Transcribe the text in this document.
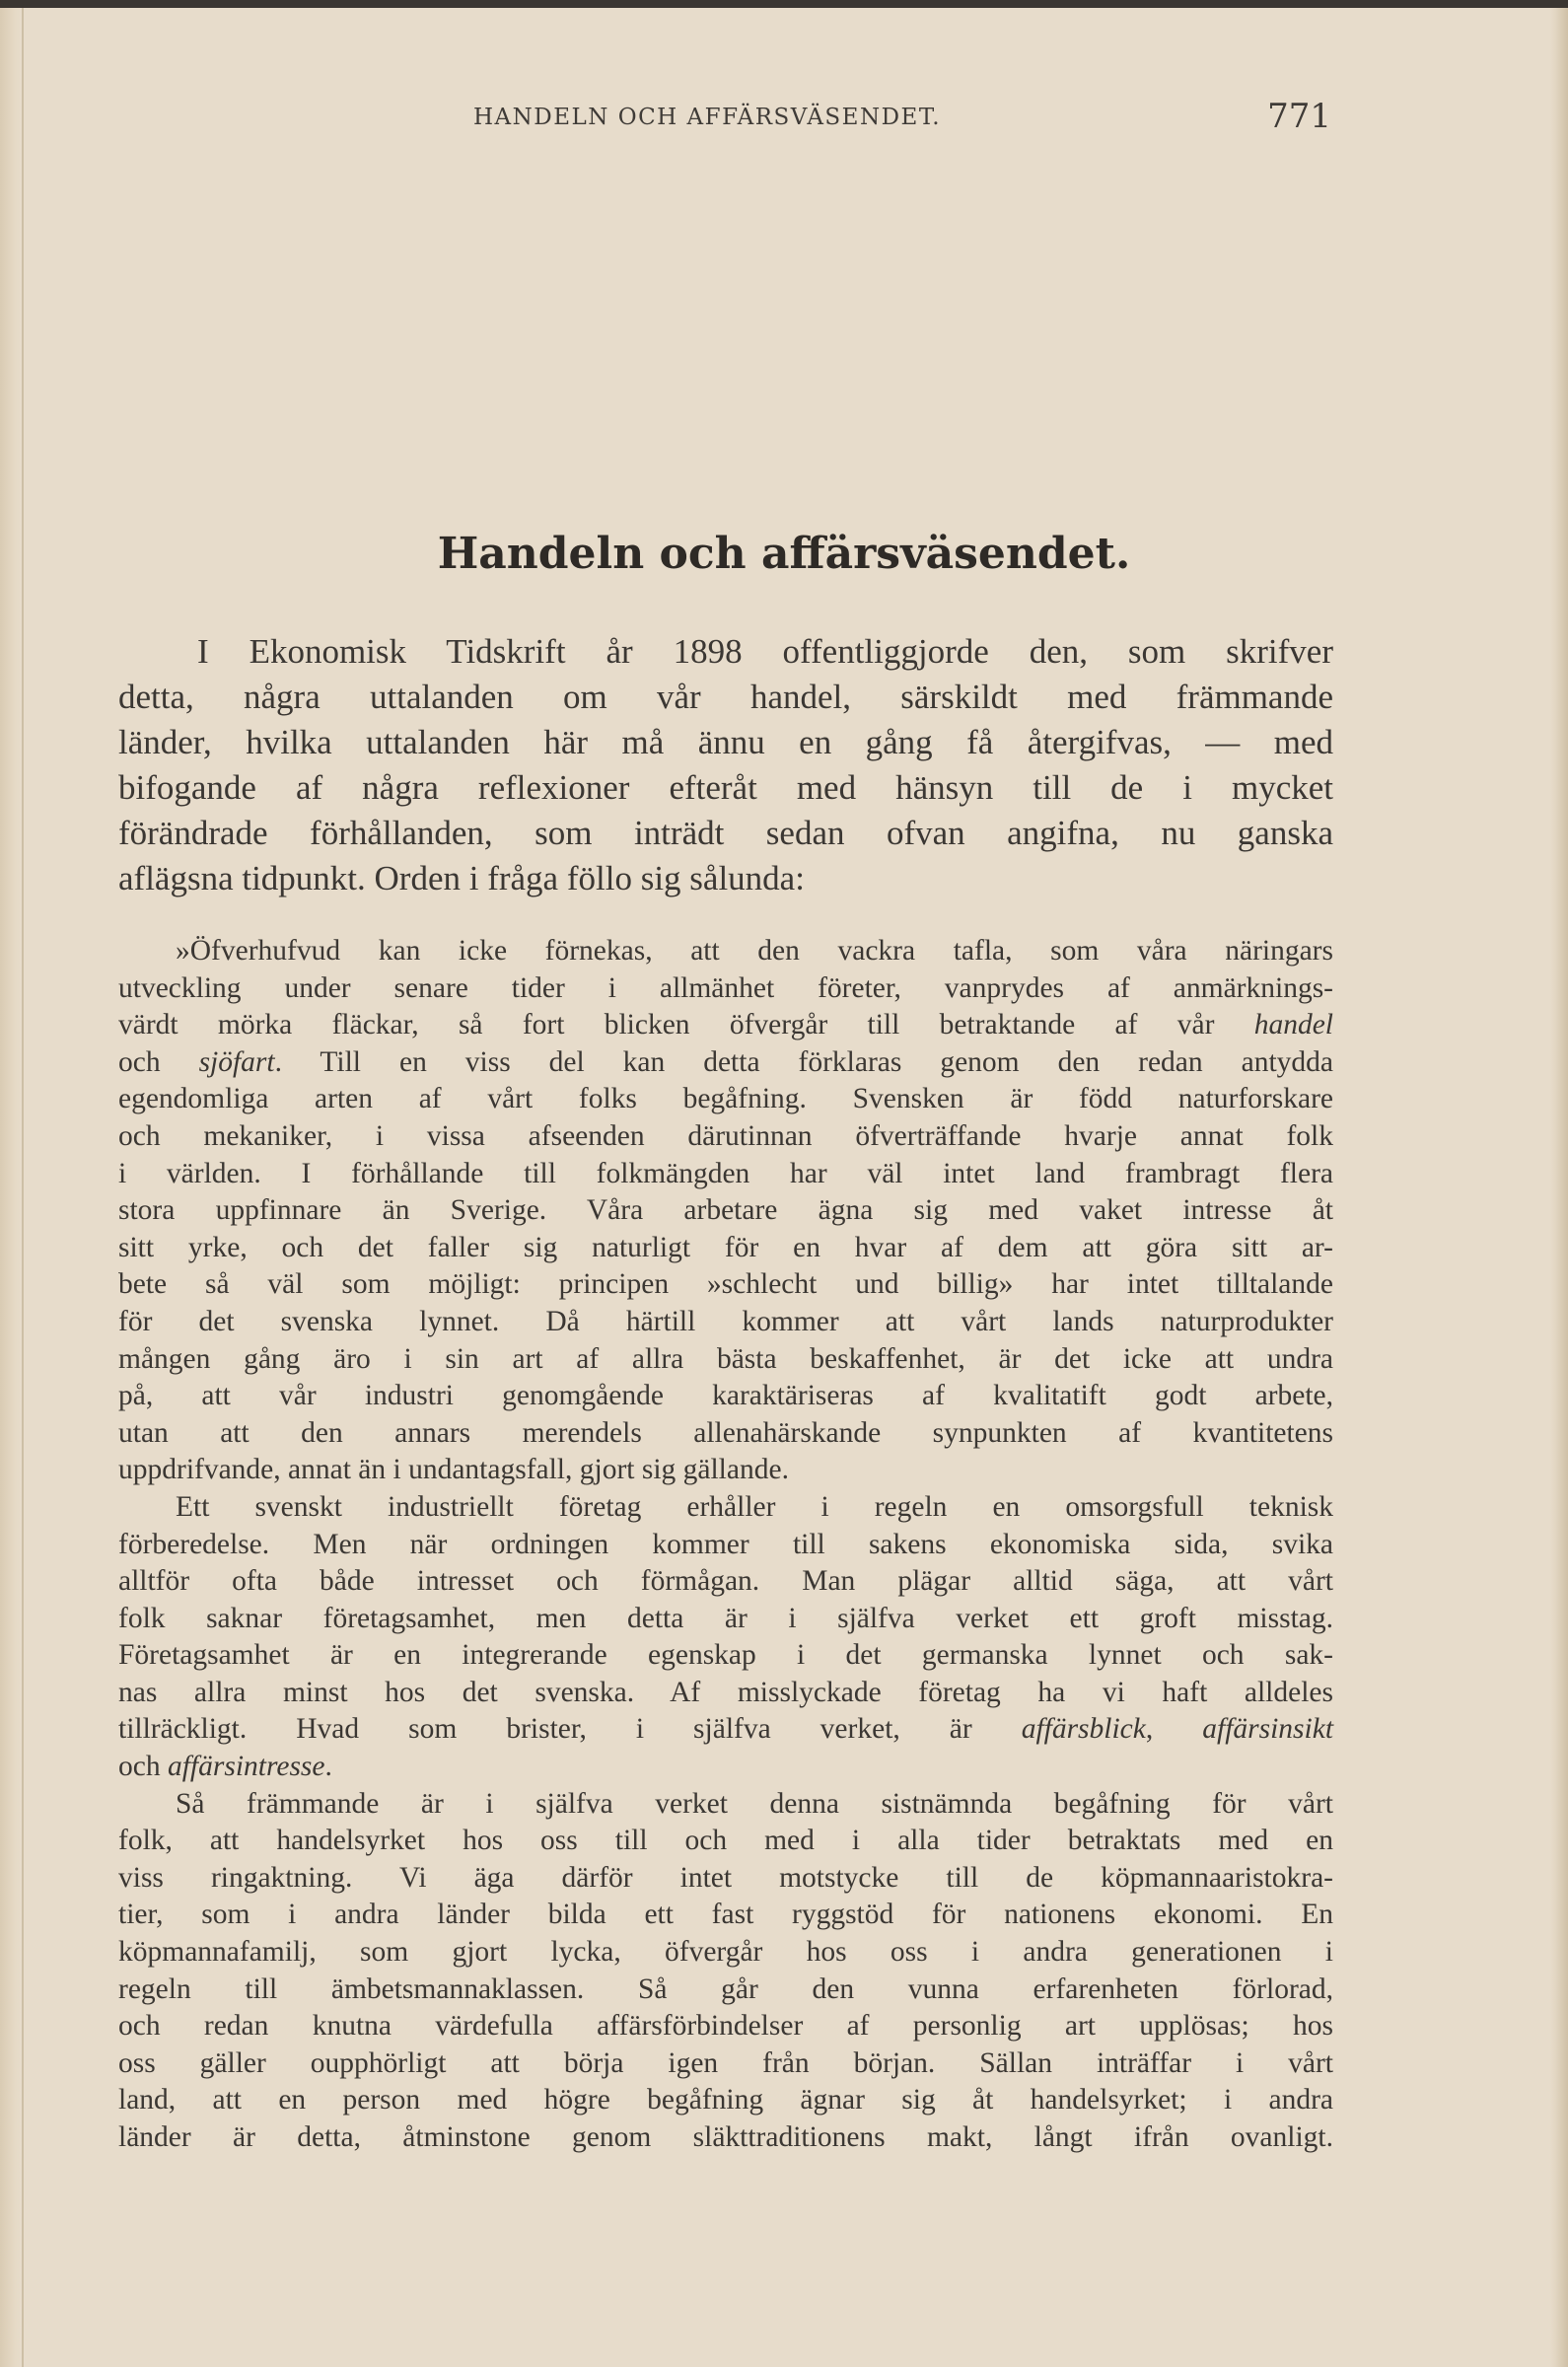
HANDELN OCH AFFÄRSVÄSENDET.	771
Handeln och affärsväsendet.
I Ekonomisk Tidskrift år 1898 offentliggjorde den, som skrifver
detta, några uttalanden om vår handel, särskildt med främmande
länder, hvilka uttalanden här må ännu en gång få återgifvas, — med
bifogande af några reflexioner efteråt med hänsyn till de i mycket
förändrade förhållanden, som inträdt sedan ofvan angifna, nu ganska
aflägsna tidpunkt. Orden i fråga föllo sig sålunda:
»Öfverhufvud kan icke förnekas, att den vackra tafla, som våra näringars
utveckling under senare tider i allmänhet företer, vanprydes af anmärknings-
värdt mörka fläckar, så fort blicken öfvergår till betraktande af vår handel
och sjöfart. Till en viss del kan detta förklaras genom den redan antydda
egendomliga arten af vårt folks begåfning. Svensken är född naturforskare
och mekaniker, i vissa afseenden därutinnan öfverträffande hvarje annat folk
i världen. I förhållande till folkmängden har väl intet land frambragt flera
stora uppfinnare än Sverige. Våra arbetare ägna sig med vaket intresse åt
sitt yrke, och det faller sig naturligt för en hvar af dem att göra sitt ar-
bete så väl som möjligt: principen »schlecht und billig» har intet tilltalande
för det svenska lynnet. Då härtill kommer att vårt lands naturprodukter
mången gång äro i sin art af allra bästa beskaffenhet, är det icke att undra
på, att vår industri genomgående karaktäriseras af kvalitatift godt arbete,
utan att den annars merendels allenahärskande synpunkten af kvantitetens
uppdrifvande, annat än i undantagsfall, gjort sig gällande.
Ett svenskt industriellt företag erhåller i regeln en omsorgsfull teknisk
förberedelse. Men när ordningen kommer till sakens ekonomiska sida, svika
alltför ofta både intresset och förmågan. Man plägar alltid säga, att vårt
folk saknar företagsamhet, men detta är i själfva verket ett groft misstag.
Företagsamhet är en integrerande egenskap i det germanska lynnet och sak-
nas allra minst hos det svenska. Af misslyckade företag ha vi haft alldeles
tillräckligt. Hvad som brister, i själfva verket, är affärsblick, affärsinsikt
och affärsintresse.
Så främmande är i själfva verket denna sistnämnda begåfning för vårt
folk, att handelsyrket hos oss till och med i alla tider betraktats med en
viss ringaktning. Vi äga därför intet motstycke till de köpmannaaristokra-
tier, som i andra länder bilda ett fast ryggstöd för nationens ekonomi. En
köpmannafamilj, som gjort lycka, öfvergår hos oss i andra generationen i
regeln till ämbetsmannaklassen. Så går den vunna erfarenheten förlorad,
och redan knutna värdefulla affärsförbindelser af personlig art upplösas; hos
oss gäller oupphörligt att börja igen från början. Sällan inträffar i vårt
land, att en person med högre begåfning ägnar sig åt handelsyrket; i andra
länder är detta, åtminstone genom släkttraditionens makt, långt ifrån ovanligt.
